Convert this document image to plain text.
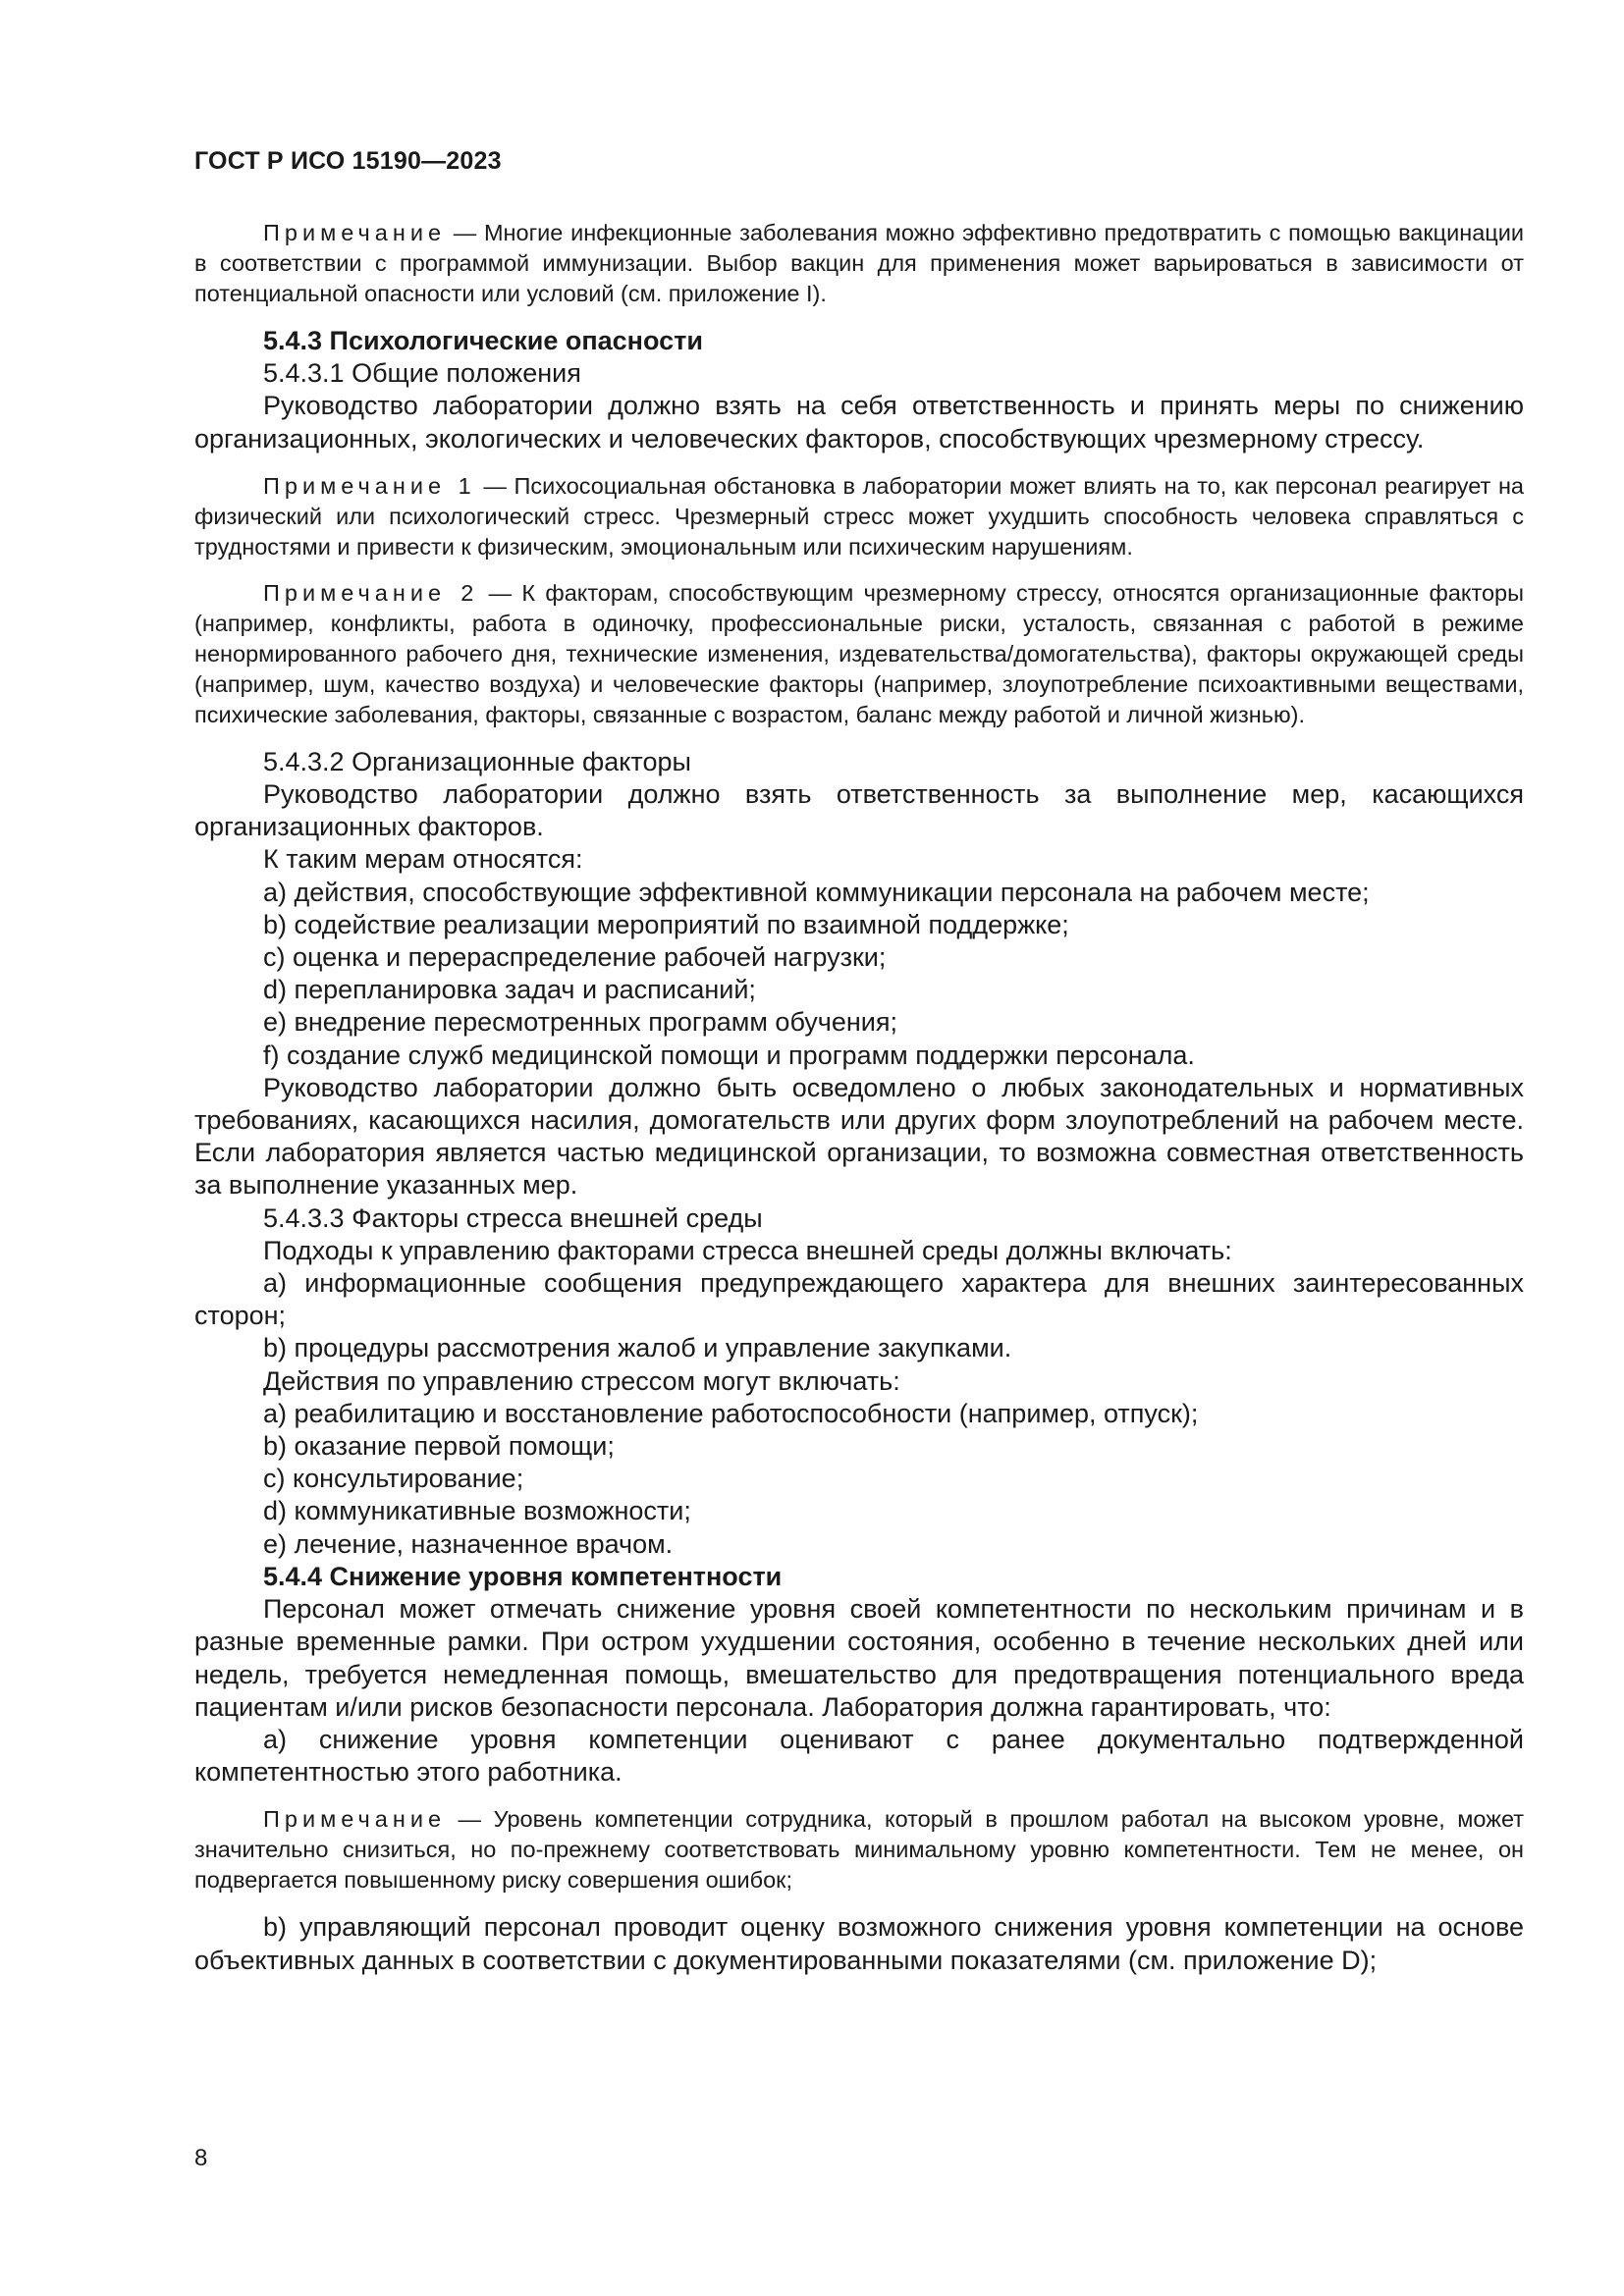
ГОСТ Р ИСО 15190—2023

Примечание — Многие инфекционные заболевания можно эффективно предотвратить с помощью вакцинации в соответствии с программой иммунизации. Выбор вакцин для применения может варьироваться в зависимости от потенциальной опасности или условий (см. приложение I).

5.4.3 Психологические опасности

5.4.3.1 Общие положения

Руководство лаборатории должно взять на себя ответственность и принять меры по снижению организационных, экологических и человеческих факторов, способствующих чрезмерному стрессу.

Примечание 1 — Психосоциальная обстановка в лаборатории может влиять на то, как персонал реагирует на физический или психологический стресс. Чрезмерный стресс может ухудшить способность человека справляться с трудностями и привести к физическим, эмоциональным или психическим нарушениям.

Примечание 2 — К факторам, способствующим чрезмерному стрессу, относятся организационные факторы (например, конфликты, работа в одиночку, профессиональные риски, усталость, связанная с работой в режиме ненормированного рабочего дня, технические изменения, издевательства/домогательства), факторы окружающей среды (например, шум, качество воздуха) и человеческие факторы (например, злоупотребление психоактивными веществами, психические заболевания, факторы, связанные с возрастом, баланс между работой и личной жизнью).

5.4.3.2 Организационные факторы

Руководство лаборатории должно взять ответственность за выполнение мер, касающихся организационных факторов.

К таким мерам относятся:

a) действия, способствующие эффективной коммуникации персонала на рабочем месте;

b) содействие реализации мероприятий по взаимной поддержке;

c) оценка и перераспределение рабочей нагрузки;

d) перепланировка задач и расписаний;

e) внедрение пересмотренных программ обучения;

f) создание служб медицинской помощи и программ поддержки персонала.

Руководство лаборатории должно быть осведомлено о любых законодательных и нормативных требованиях, касающихся насилия, домогательств или других форм злоупотреблений на рабочем месте. Если лаборатория является частью медицинской организации, то возможна совместная ответственность за выполнение указанных мер.

5.4.3.3 Факторы стресса внешней среды

Подходы к управлению факторами стресса внешней среды должны включать:

a) информационные сообщения предупреждающего характера для внешних заинтересованных сторон;

b) процедуры рассмотрения жалоб и управление закупками.

Действия по управлению стрессом могут включать:

a) реабилитацию и восстановление работоспособности (например, отпуск);

b) оказание первой помощи;

c) консультирование;

d) коммуникативные возможности;

e) лечение, назначенное врачом.

5.4.4 Снижение уровня компетентности

Персонал может отмечать снижение уровня своей компетентности по нескольким причинам и в разные временные рамки. При остром ухудшении состояния, особенно в течение нескольких дней или недель, требуется немедленная помощь, вмешательство для предотвращения потенциального вреда пациентам и/или рисков безопасности персонала. Лаборатория должна гарантировать, что:

a) снижение уровня компетенции оценивают с ранее документально подтвержденной компетентностью этого работника.

Примечание — Уровень компетенции сотрудника, который в прошлом работал на высоком уровне, может значительно снизиться, но по-прежнему соответствовать минимальному уровню компетентности. Тем не менее, он подвергается повышенному риску совершения ошибок;

b) управляющий персонал проводит оценку возможного снижения уровня компетенции на основе объективных данных в соответствии с документированными показателями (см. приложение D);

8
